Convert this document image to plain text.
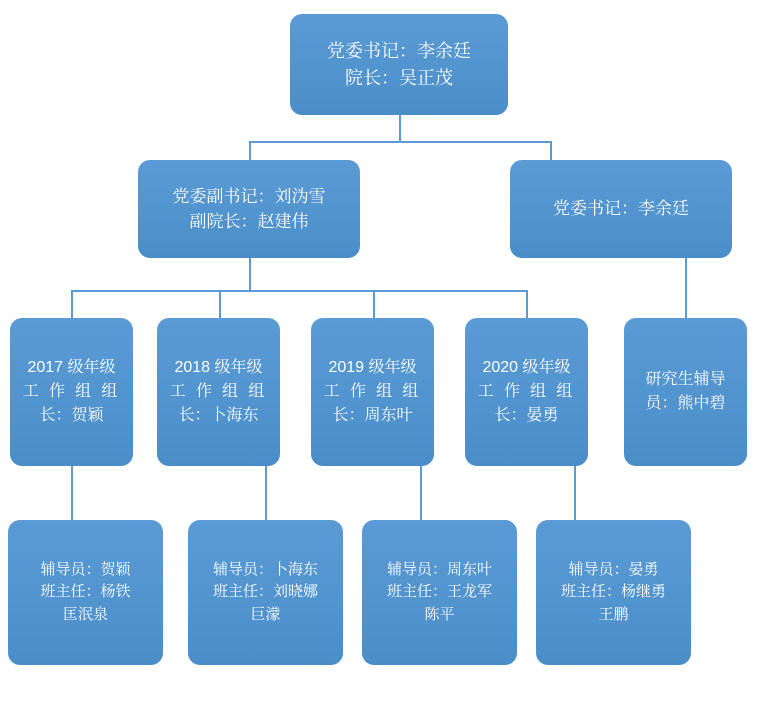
党委书记：李余廷
院长：吴正茂
党委副书记：刘沩雪
副院长：赵建伟
党委书记：李余廷
2017 级年级
工 作 组 组
长：贺颖
2018 级年级
工 作 组 组
长：卜海东
2019 级年级
工 作 组 组
长：周东叶
2020 级年级
工 作 组 组
长：晏勇
研究生辅导
员：熊中碧
辅导员：贺颖
班主任：杨铁
匡泯泉
辅导员：卜海东
班主任：刘晓娜
巨濛
辅导员：周东叶
班主任：王龙军
陈平
辅导员：晏勇
班主任：杨继勇
王鹏
